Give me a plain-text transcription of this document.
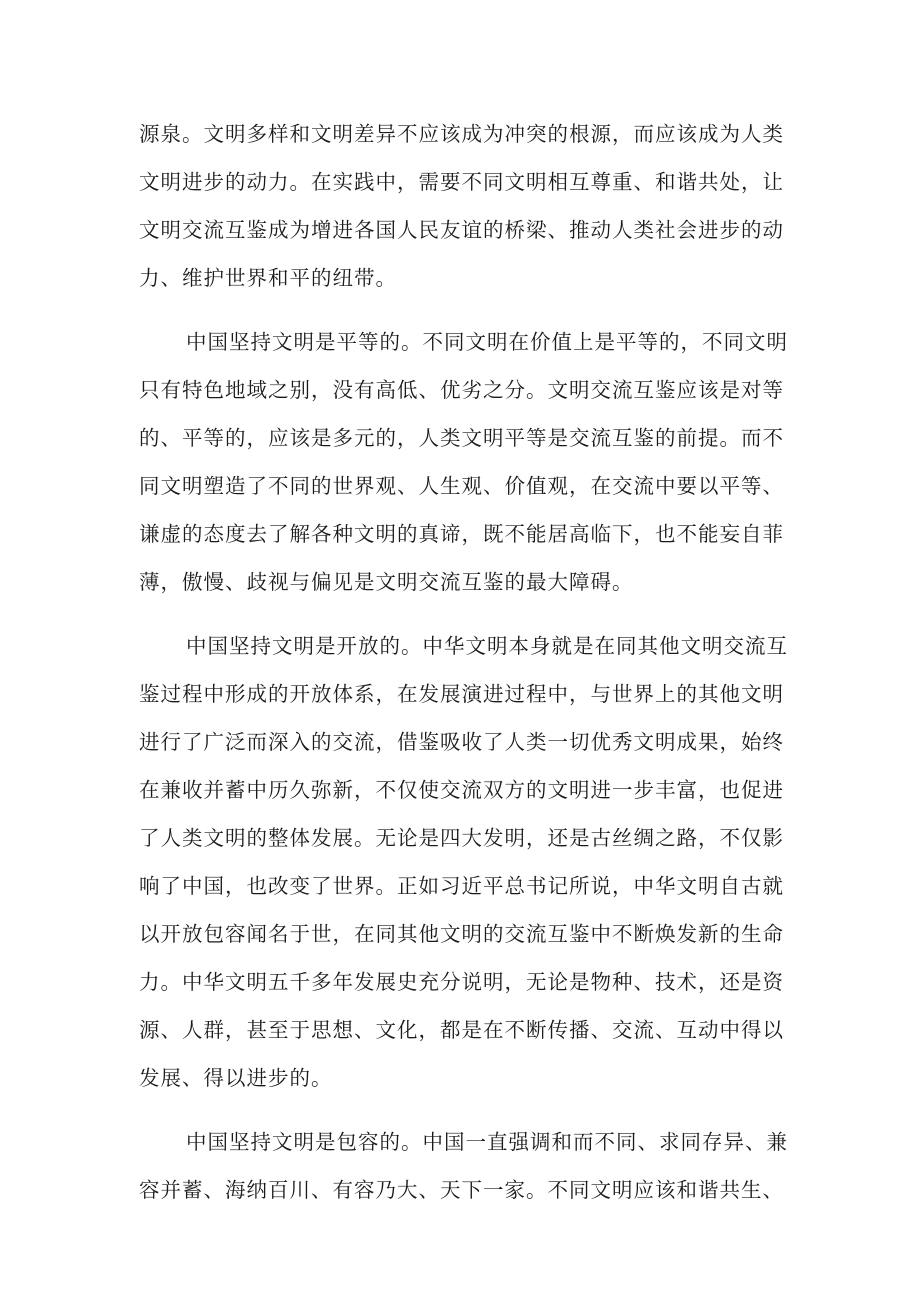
源泉。文明多样和文明差异不应该成为冲突的根源，而应该成为人类
文明进步的动力。在实践中，需要不同文明相互尊重、和谐共处，让
文明交流互鉴成为增进各国人民友谊的桥梁、推动人类社会进步的动
力、维护世界和平的纽带。
中国坚持文明是平等的。不同文明在价值上是平等的，不同文明
只有特色地域之别，没有高低、优劣之分。文明交流互鉴应该是对等
的、平等的，应该是多元的，人类文明平等是交流互鉴的前提。而不
同文明塑造了不同的世界观、人生观、价值观，在交流中要以平等、
谦虚的态度去了解各种文明的真谛，既不能居高临下，也不能妄自菲
薄，傲慢、歧视与偏见是文明交流互鉴的最大障碍。
中国坚持文明是开放的。中华文明本身就是在同其他文明交流互
鉴过程中形成的开放体系，在发展演进过程中，与世界上的其他文明
进行了广泛而深入的交流，借鉴吸收了人类一切优秀文明成果，始终
在兼收并蓄中历久弥新，不仅使交流双方的文明进一步丰富，也促进
了人类文明的整体发展。无论是四大发明，还是古丝绸之路，不仅影
响了中国，也改变了世界。正如习近平总书记所说，中华文明自古就
以开放包容闻名于世，在同其他文明的交流互鉴中不断焕发新的生命
力。中华文明五千多年发展史充分说明，无论是物种、技术，还是资
源、人群，甚至于思想、文化，都是在不断传播、交流、互动中得以
发展、得以进步的。
中国坚持文明是包容的。中国一直强调和而不同、求同存异、兼
容并蓄、海纳百川、有容乃大、天下一家。不同文明应该和谐共生、
